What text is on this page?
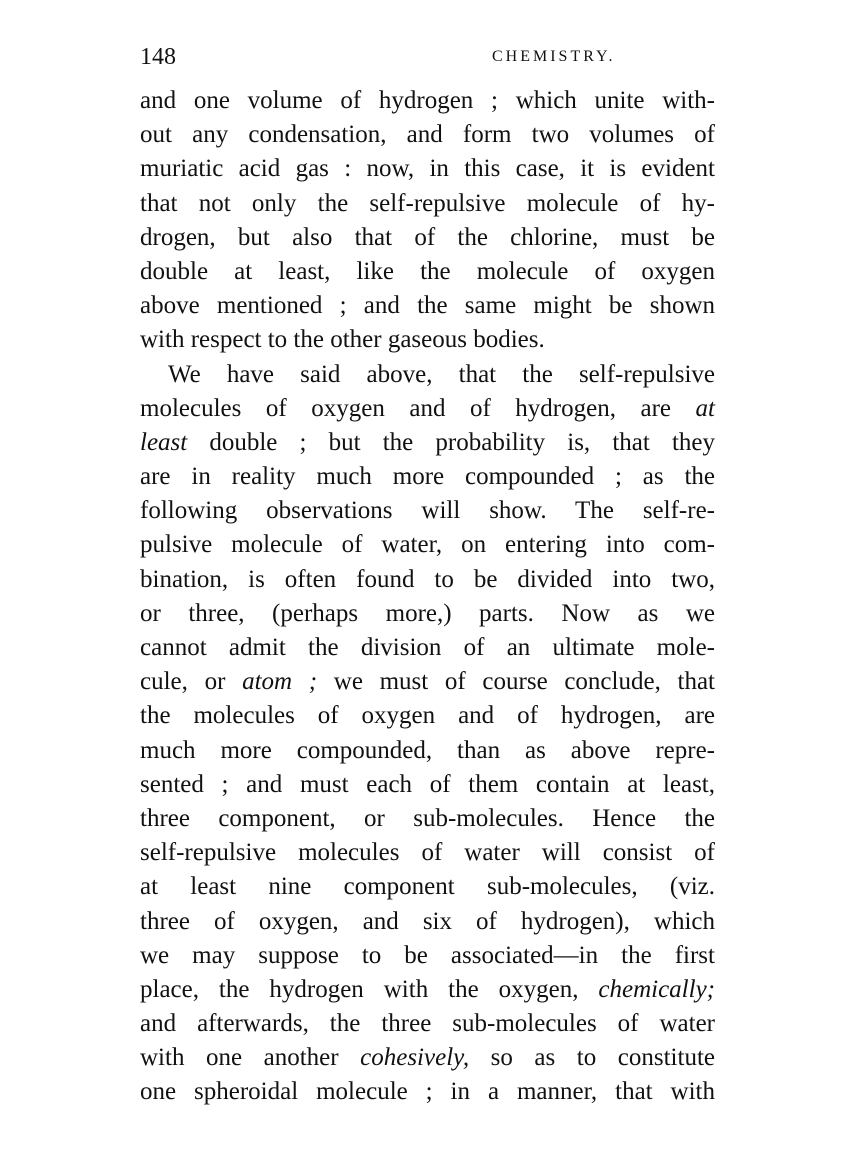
148	CHEMISTRY.
and one volume of hydrogen ; which unite with-
out any condensation, and form two volumes of
muriatic acid gas : now, in this case, it is evident
that not only the self-repulsive molecule of hy-
drogen, but also that of the chlorine, must be
double at least, like the molecule of oxygen
above mentioned ; and the same might be shown
with respect to the other gaseous bodies.
We have said above, that the self-repulsive
molecules of oxygen and of hydrogen, are at
least double ; but the probability is, that they
are in reality much more compounded ; as the
following observations will show. The self-re-
pulsive molecule of water, on entering into com-
bination, is often found to be divided into two,
or three, (perhaps more,) parts. Now as we
cannot admit the division of an ultimate mole-
cule, or atom ; we must of course conclude, that
the molecules of oxygen and of hydrogen, are
much more compounded, than as above repre-
sented ; and must each of them contain at least,
three component, or sub-molecules. Hence the
self-repulsive molecules of water will consist of
at least nine component sub-molecules, (viz.
three of oxygen, and six of hydrogen), which
we may suppose to be associated—in the first
place, the hydrogen with the oxygen, chemically;
and afterwards, the three sub-molecules of water
with one another cohesively, so as to constitute
one spheroidal molecule ; in a manner, that with
